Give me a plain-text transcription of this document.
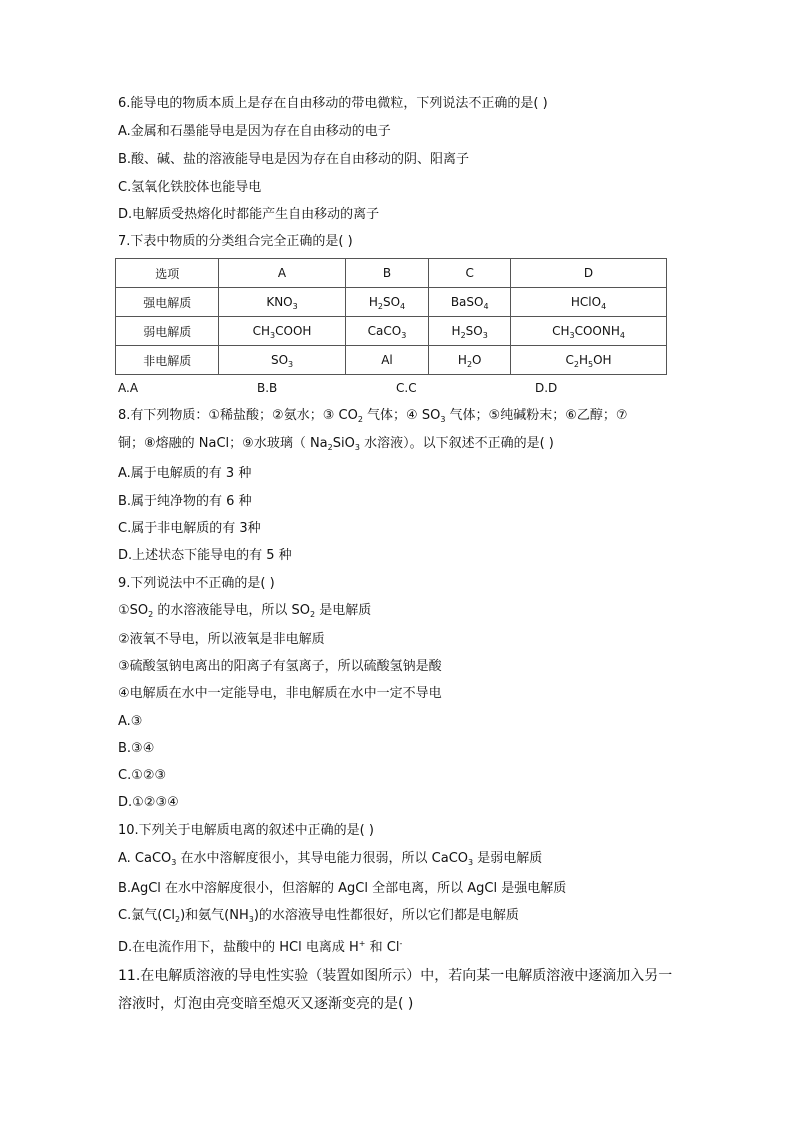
6.能导电的物质本质上是存在自由移动的带电微粒，下列说法不正确的是( )
A.金属和石墨能导电是因为存在自由移动的电子
B.酸、碱、盐的溶液能导电是因为存在自由移动的阴、阳离子
C.氢氧化铁胶体也能导电
D.电解质受热熔化时都能产生自由移动的离子
7.下表中物质的分类组合完全正确的是( )
选项	A	B	C	D
强电解质	$KNO_3$	$H_2SO_4$	BaSO$_4$	HClO$_4$
弱电解质	$CH_3COOH$	CaCO$_3$	$H_2SO_3$	$CH_3COONH_4$
非电解质	$SO_3$	Al	$H_2O$	$C_2H_5OH$
A.A	B.B	C.C	D.D
8.有下列物质：①稀盐酸；②氨水；③ $CO_2$ 气体；④ $SO_3$ 气体；⑤纯碱粉末；⑥乙醇；⑦
铜；⑧熔融的 NaCl；⑨水玻璃（ $Na_2SiO_3$ 水溶液）。以下叙述不正确的是( )
A.属于电解质的有 3 种
B.属于纯净物的有 6 种
C.属于非电解质的有 3种
D.上述状态下能导电的有 5 种
9.下列说法中不正确的是( )
$①SO_2$ 的水溶液能导电，所以 $SO_2$ 是电解质
②液氧不导电，所以液氧是非电解质
③硫酸氢钠电离出的阳离子有氢离子，所以硫酸氢钠是酸
④电解质在水中一定能导电，非电解质在水中一定不导电
A.③
B.③④
C.①②③
D.①②③④
10.下列关于电解质电离的叙述中正确的是( )
A. CaCO$_3$ 在水中溶解度很小，其导电能力很弱，所以 CaCO$_3$ 是弱电解质
B.AgCl 在水中溶解度很小，但溶解的 AgCl 全部电离，所以 AgCl 是强电解质
C.氯气$(Cl_2)$和氨气$(NH_3)$的水溶液导电性都很好，所以它们都是电解质
D.在电流作用下，盐酸中的 HCl 电离成 H+ 和 Cl-
11.在电解质溶液的导电性实验（装置如图所示）中，若向某一电解质溶液中逐滴加入另一
溶液时，灯泡由亮变暗至熄灭又逐渐变亮的是( )
